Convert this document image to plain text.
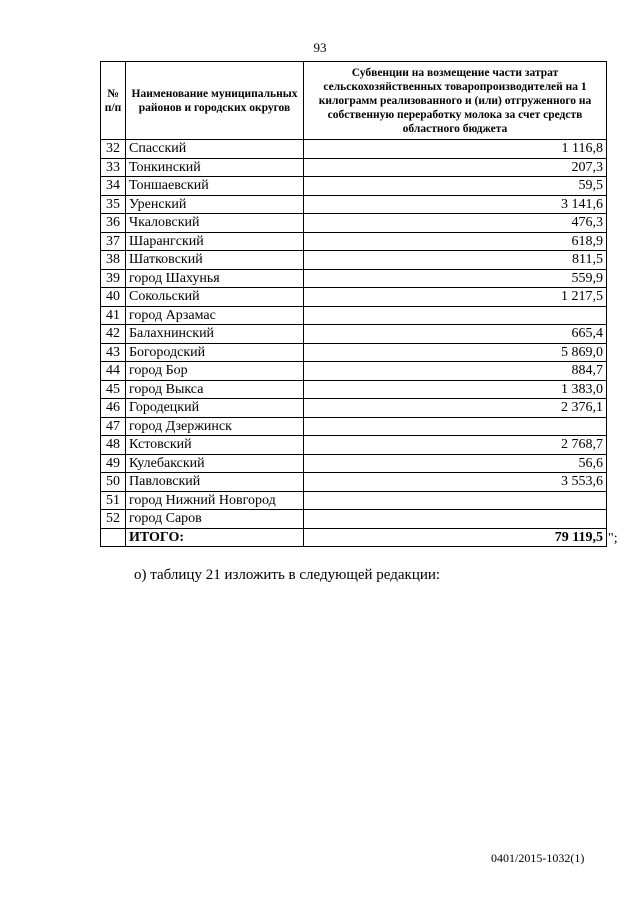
93
№ п/п	Наименование муниципальных районов и городских округов	Субвенции на возмещение части затрат сельскохозяйственных товаропроизводителей на 1 килограмм реализованного и (или) отгруженного на собственную переработку молока за счет средств областного бюджета
32	Спасский	1 116,8
33	Тонкинский	207,3
34	Тоншаевский	59,5
35	Уренский	3 141,6
36	Чкаловский	476,3
37	Шарангский	618,9
38	Шатковский	811,5
39	город Шахунья	559,9
40	Сокольский	1 217,5
41	город Арзамас	
42	Балахнинский	665,4
43	Богородский	5 869,0
44	город Бор	884,7
45	город Выкса	1 383,0
46	Городецкий	2 376,1
47	город Дзержинск	
48	Кстовский	2 768,7
49	Кулебакский	56,6
50	Павловский	3 553,6
51	город Нижний Новгород	
52	город Саров	
	ИТОГО:	79 119,5 ";
о) таблицу 21 изложить в следующей редакции:
0401/2015-1032(1)
